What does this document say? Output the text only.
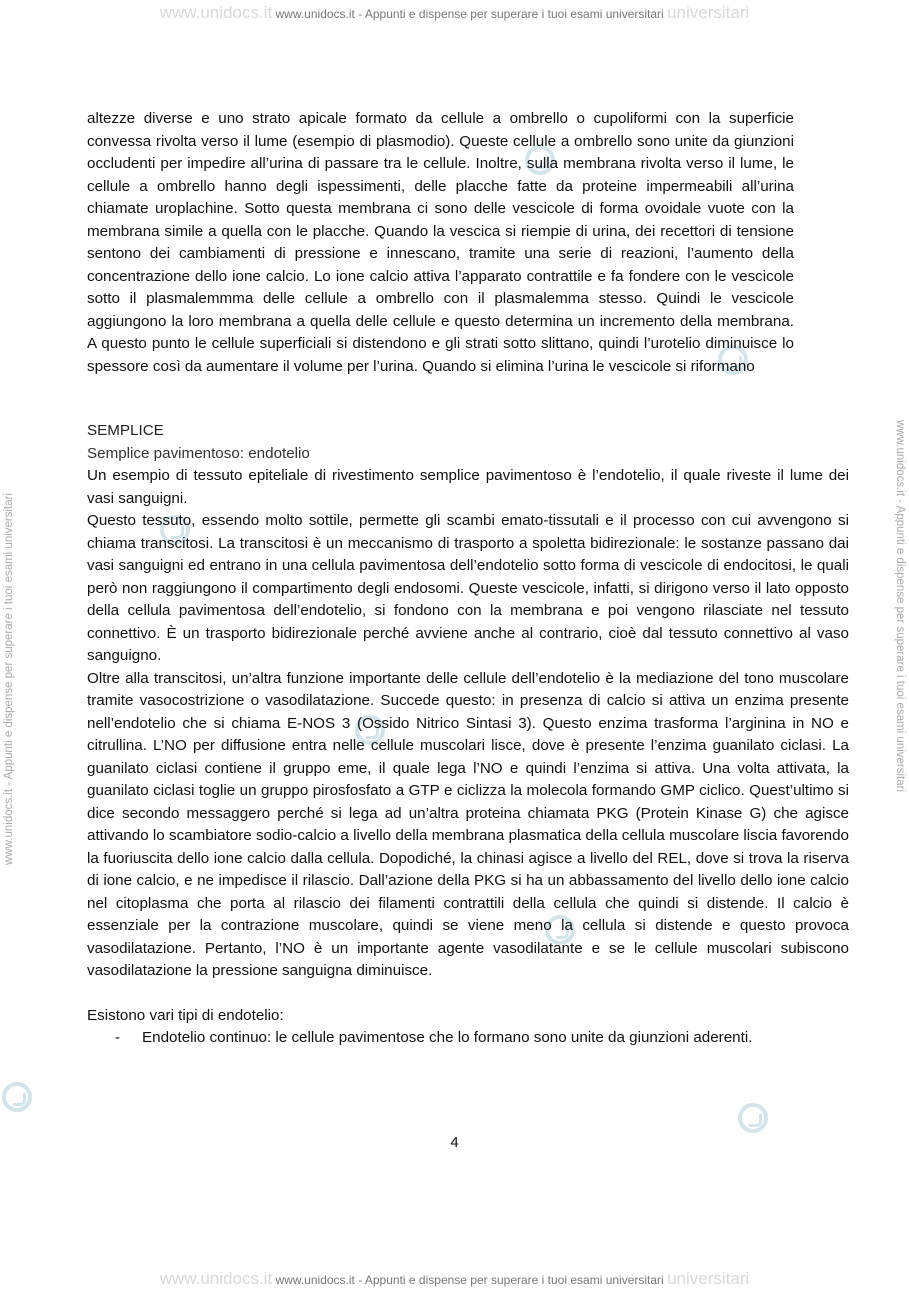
www.unidocs.it www.unidocs.it - Appunti e dispense per superare i tuoi esami universitari universitari
www.unidocs.it - Appunti e dispense per superare i tuoi esami universitari	www.unidocs.it - Appunti e dispense per superare i tuoi esami universitari

altezze diverse e uno strato apicale formato da cellule a ombrello o cupoliformi con la superficie convessa rivolta verso il lume (esempio di plasmodio). Queste cellule a ombrello sono unite da giunzioni occludenti per impedire all’urina di passare tra le cellule. Inoltre, sulla membrana rivolta verso il lume, le cellule a ombrello hanno degli ispessimenti, delle placche fatte da proteine impermeabili all’urina chiamate uroplachine. Sotto questa membrana ci sono delle vescicole di forma ovoidale vuote con la membrana simile a quella con le placche. Quando la vescica si riempie di urina, dei recettori di tensione sentono dei cambiamenti di pressione e innescano, tramite una serie di reazioni, l’aumento della concentrazione dello ione calcio. Lo ione calcio attiva l’apparato contrattile e fa fondere con le vescicole sotto il plasmalemmma delle cellule a ombrello con il plasmalemma stesso. Quindi le vescicole aggiungono la loro membrana a quella delle cellule e questo determina un incremento della membrana. A questo punto le cellule superficiali si distendono e gli strati sotto slittano, quindi l’urotelio diminuisce lo spessore così da aumentare il volume per l’urina. Quando si elimina l’urina le vescicole si riformano

SEMPLICE

Semplice pavimentoso: endotelio

Un esempio di tessuto epiteliale di rivestimento semplice pavimentoso è l’endotelio, il quale riveste il lume dei vasi sanguigni.

Questo tessuto, essendo molto sottile, permette gli scambi emato-tissutali e il processo con cui avvengono si chiama transcitosi. La transcitosi è un meccanismo di trasporto a spoletta bidirezionale: le sostanze passano dai vasi sanguigni ed entrano in una cellula pavimentosa dell’endotelio sotto forma di vescicole di endocitosi, le quali però non raggiungono il compartimento degli endosomi. Queste vescicole, infatti, si dirigono verso il lato opposto della cellula pavimentosa dell’endotelio, si fondono con la membrana e poi vengono rilasciate nel tessuto connettivo. È un trasporto bidirezionale perché avviene anche al contrario, cioè dal tessuto connettivo al vaso sanguigno.

Oltre alla transcitosi, un’altra funzione importante delle cellule dell’endotelio è la mediazione del tono muscolare tramite vasocostrizione o vasodilatazione. Succede questo: in presenza di calcio si attiva un enzima presente nell’endotelio che si chiama E-NOS 3 (Ossido Nitrico Sintasi 3). Questo enzima trasforma l’arginina in NO e citrullina. L’NO per diffusione entra nelle cellule muscolari lisce, dove è presente l’enzima guanilato ciclasi. La guanilato ciclasi contiene il gruppo eme, il quale lega l’NO e quindi l’enzima si attiva. Una volta attivata, la guanilato ciclasi toglie un gruppo pirosfosfato a GTP e ciclizza la molecola formando GMP ciclico. Quest’ultimo si dice secondo messaggero perché si lega ad un’altra proteina chiamata PKG (Protein Kinase G) che agisce attivando lo scambiatore sodio-calcio a livello della membrana plasmatica della cellula muscolare liscia favorendo la fuoriuscita dello ione calcio dalla cellula. Dopodiché, la chinasi agisce a livello del REL, dove si trova la riserva di ione calcio, e ne impedisce il rilascio. Dall’azione della PKG si ha un abbassamento del livello dello ione calcio nel citoplasma che porta al rilascio dei filamenti contrattili della cellula che quindi si distende. Il calcio è essenziale per la contrazione muscolare, quindi se viene meno la cellula si distende e questo provoca vasodilatazione. Pertanto, l’NO è un importante agente vasodilatante e se le cellule muscolari subiscono vasodilatazione la pressione sanguigna diminuisce.

Esistono vari tipi di endotelio:

-	Endotelio continuo: le cellule pavimentose che lo formano sono unite da giunzioni aderenti.
4
www.unidocs.it www.unidocs.it - Appunti e dispense per superare i tuoi esami universitari universitari
